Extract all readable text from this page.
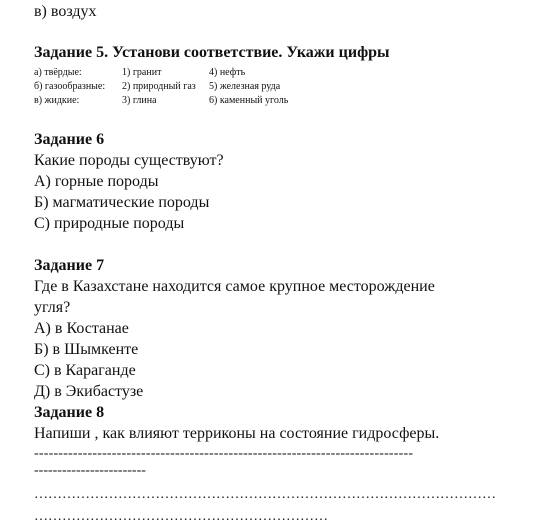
в) воздух
Задание 5. Установи соответствие. Укажи цифры
а) твёрдые:	1) гранит	4) нефть
б) газообразные: 2) природный газ 5) железная руда
в) жидкие:	3) глина	6) каменный уголь
Задание 6
Какие породы существуют?
А) горные породы
Б) магматические породы
С) природные породы
Задание 7
Где в Казахстане находится самое крупное месторождение
угля?
А) в Костанае
Б) в Шымкенте
С) в Караганде
Д) в Экибастузе
Задание 8
Напиши , как влияют терриконы на состояние гидросферы.
------------------------------------------------------------------------------
------------------------
………………………………………………………………………………………
………………………………………………………
